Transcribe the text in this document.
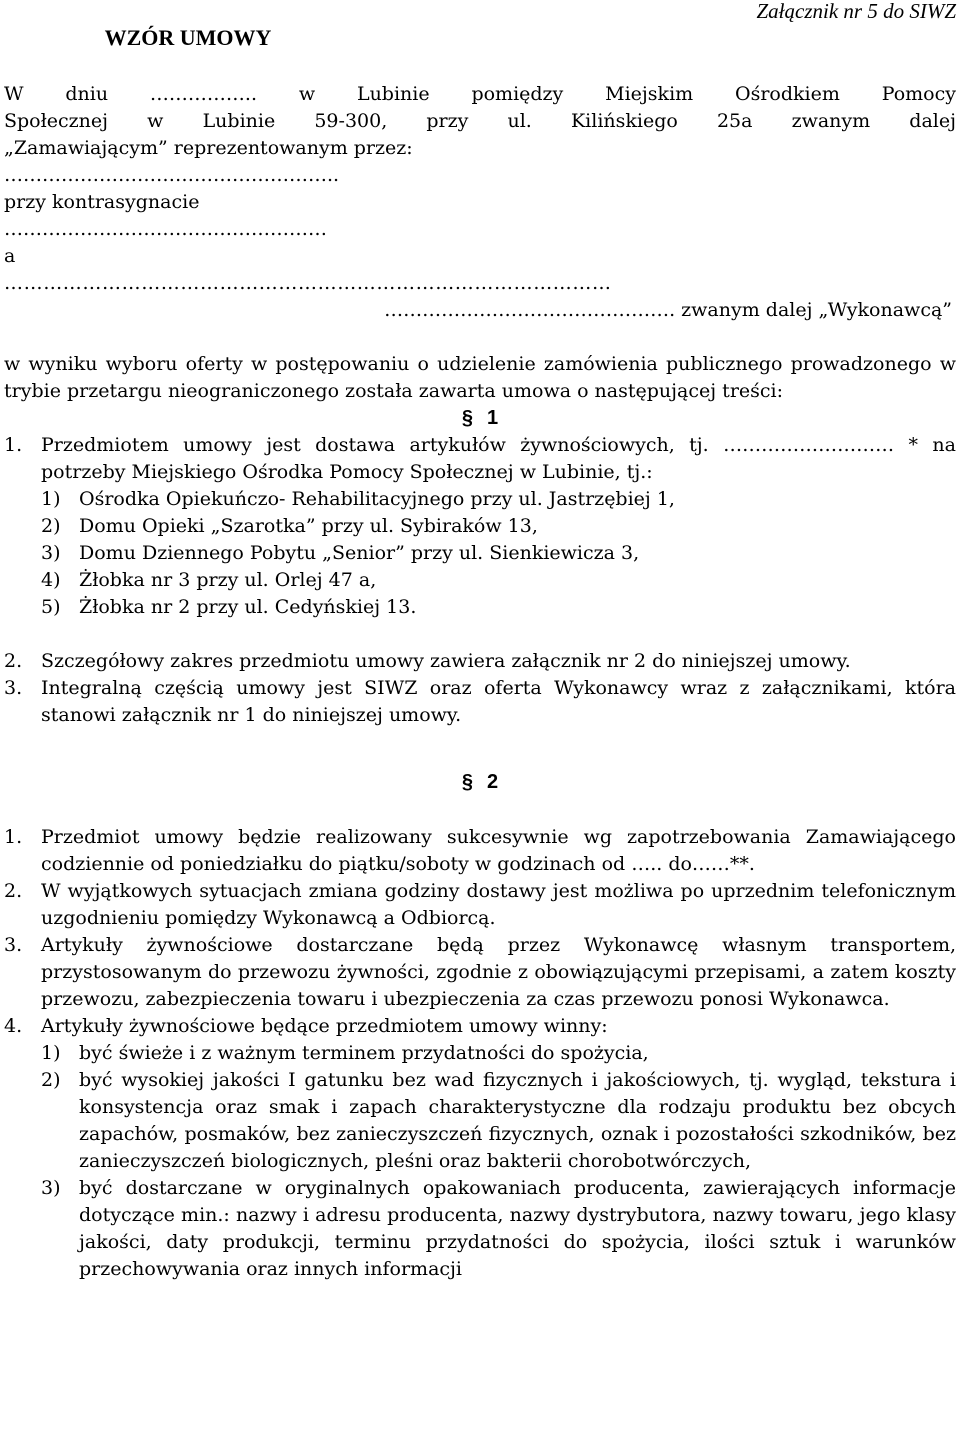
Załącznik nr 5 do SIWZ
WZÓR UMOWY

W dniu …………….. w Lubinie pomiędzy Miejskim Ośrodkiem Pomocy

Społecznej w Lubinie 59-300, przy ul. Kilińskiego 25a zwanym dalej

„Zamawiającym” reprezentowanym przez:

……………………………………………..

przy kontrasygnacie

……………………………………………

a

…………………………………………………………………………………

………………………………………. zwanym dalej „Wykonawcą”

w wyniku wyboru oferty w postępowaniu o udzielenie zamówienia publicznego prowadzonego w trybie przetargu nieograniczonego została zawarta umowa o następującej treści:

§ 1
1. Przedmiotem umowy jest dostawa artykułów żywnościowych, tj. ……………………… * na potrzeby Miejskiego Ośrodka Pomocy Społecznej w Lubinie, tj.:
1) Ośrodka Opiekuńczo- Rehabilitacyjnego przy ul. Jastrzębiej 1,
2) Domu Opieki „Szarotka” przy ul. Sybiraków 13,
3) Domu Dziennego Pobytu „Senior” przy ul. Sienkiewicza 3,
4) Żłobka nr 3 przy ul. Orlej 47 a,
5) Żłobka nr 2 przy ul. Cedyńskiej 13.
2. Szczegółowy zakres przedmiotu umowy zawiera załącznik nr 2 do niniejszej umowy.
3. Integralną częścią umowy jest SIWZ oraz oferta Wykonawcy wraz z załącznikami, która stanowi załącznik nr 1 do niniejszej umowy.
§ 2
1. Przedmiot umowy będzie realizowany sukcesywnie wg zapotrzebowania Zamawiającego codziennie od poniedziałku do piątku/soboty w godzinach od ….. do……**.
2. W wyjątkowych sytuacjach zmiana godziny dostawy jest możliwa po uprzednim telefonicznym uzgodnieniu pomiędzy Wykonawcą a Odbiorcą.
3. Artykuły żywnościowe dostarczane będą przez Wykonawcę własnym transportem, przystosowanym do przewozu żywności, zgodnie z obowiązującymi przepisami, a zatem koszty przewozu, zabezpieczenia towaru i ubezpieczenia za czas przewozu ponosi Wykonawca.
4. Artykuły żywnościowe będące przedmiotem umowy winny:
1) być świeże i z ważnym terminem przydatności do spożycia,
2) być wysokiej jakości I gatunku bez wad fizycznych i jakościowych, tj. wygląd, tekstura i konsystencja oraz smak i zapach charakterystyczne dla rodzaju produktu bez obcych zapachów, posmaków, bez zanieczyszczeń fizycznych, oznak i pozostałości szkodników, bez zanieczyszczeń biologicznych, pleśni oraz bakterii chorobotwórczych,
3) być dostarczane w oryginalnych opakowaniach producenta, zawierających informacje dotyczące min.: nazwy i adresu producenta, nazwy dystrybutora, nazwy towaru, jego klasy jakości, daty produkcji, terminu przydatności do spożycia, ilości sztuk i warunków przechowywania oraz innych informacji
